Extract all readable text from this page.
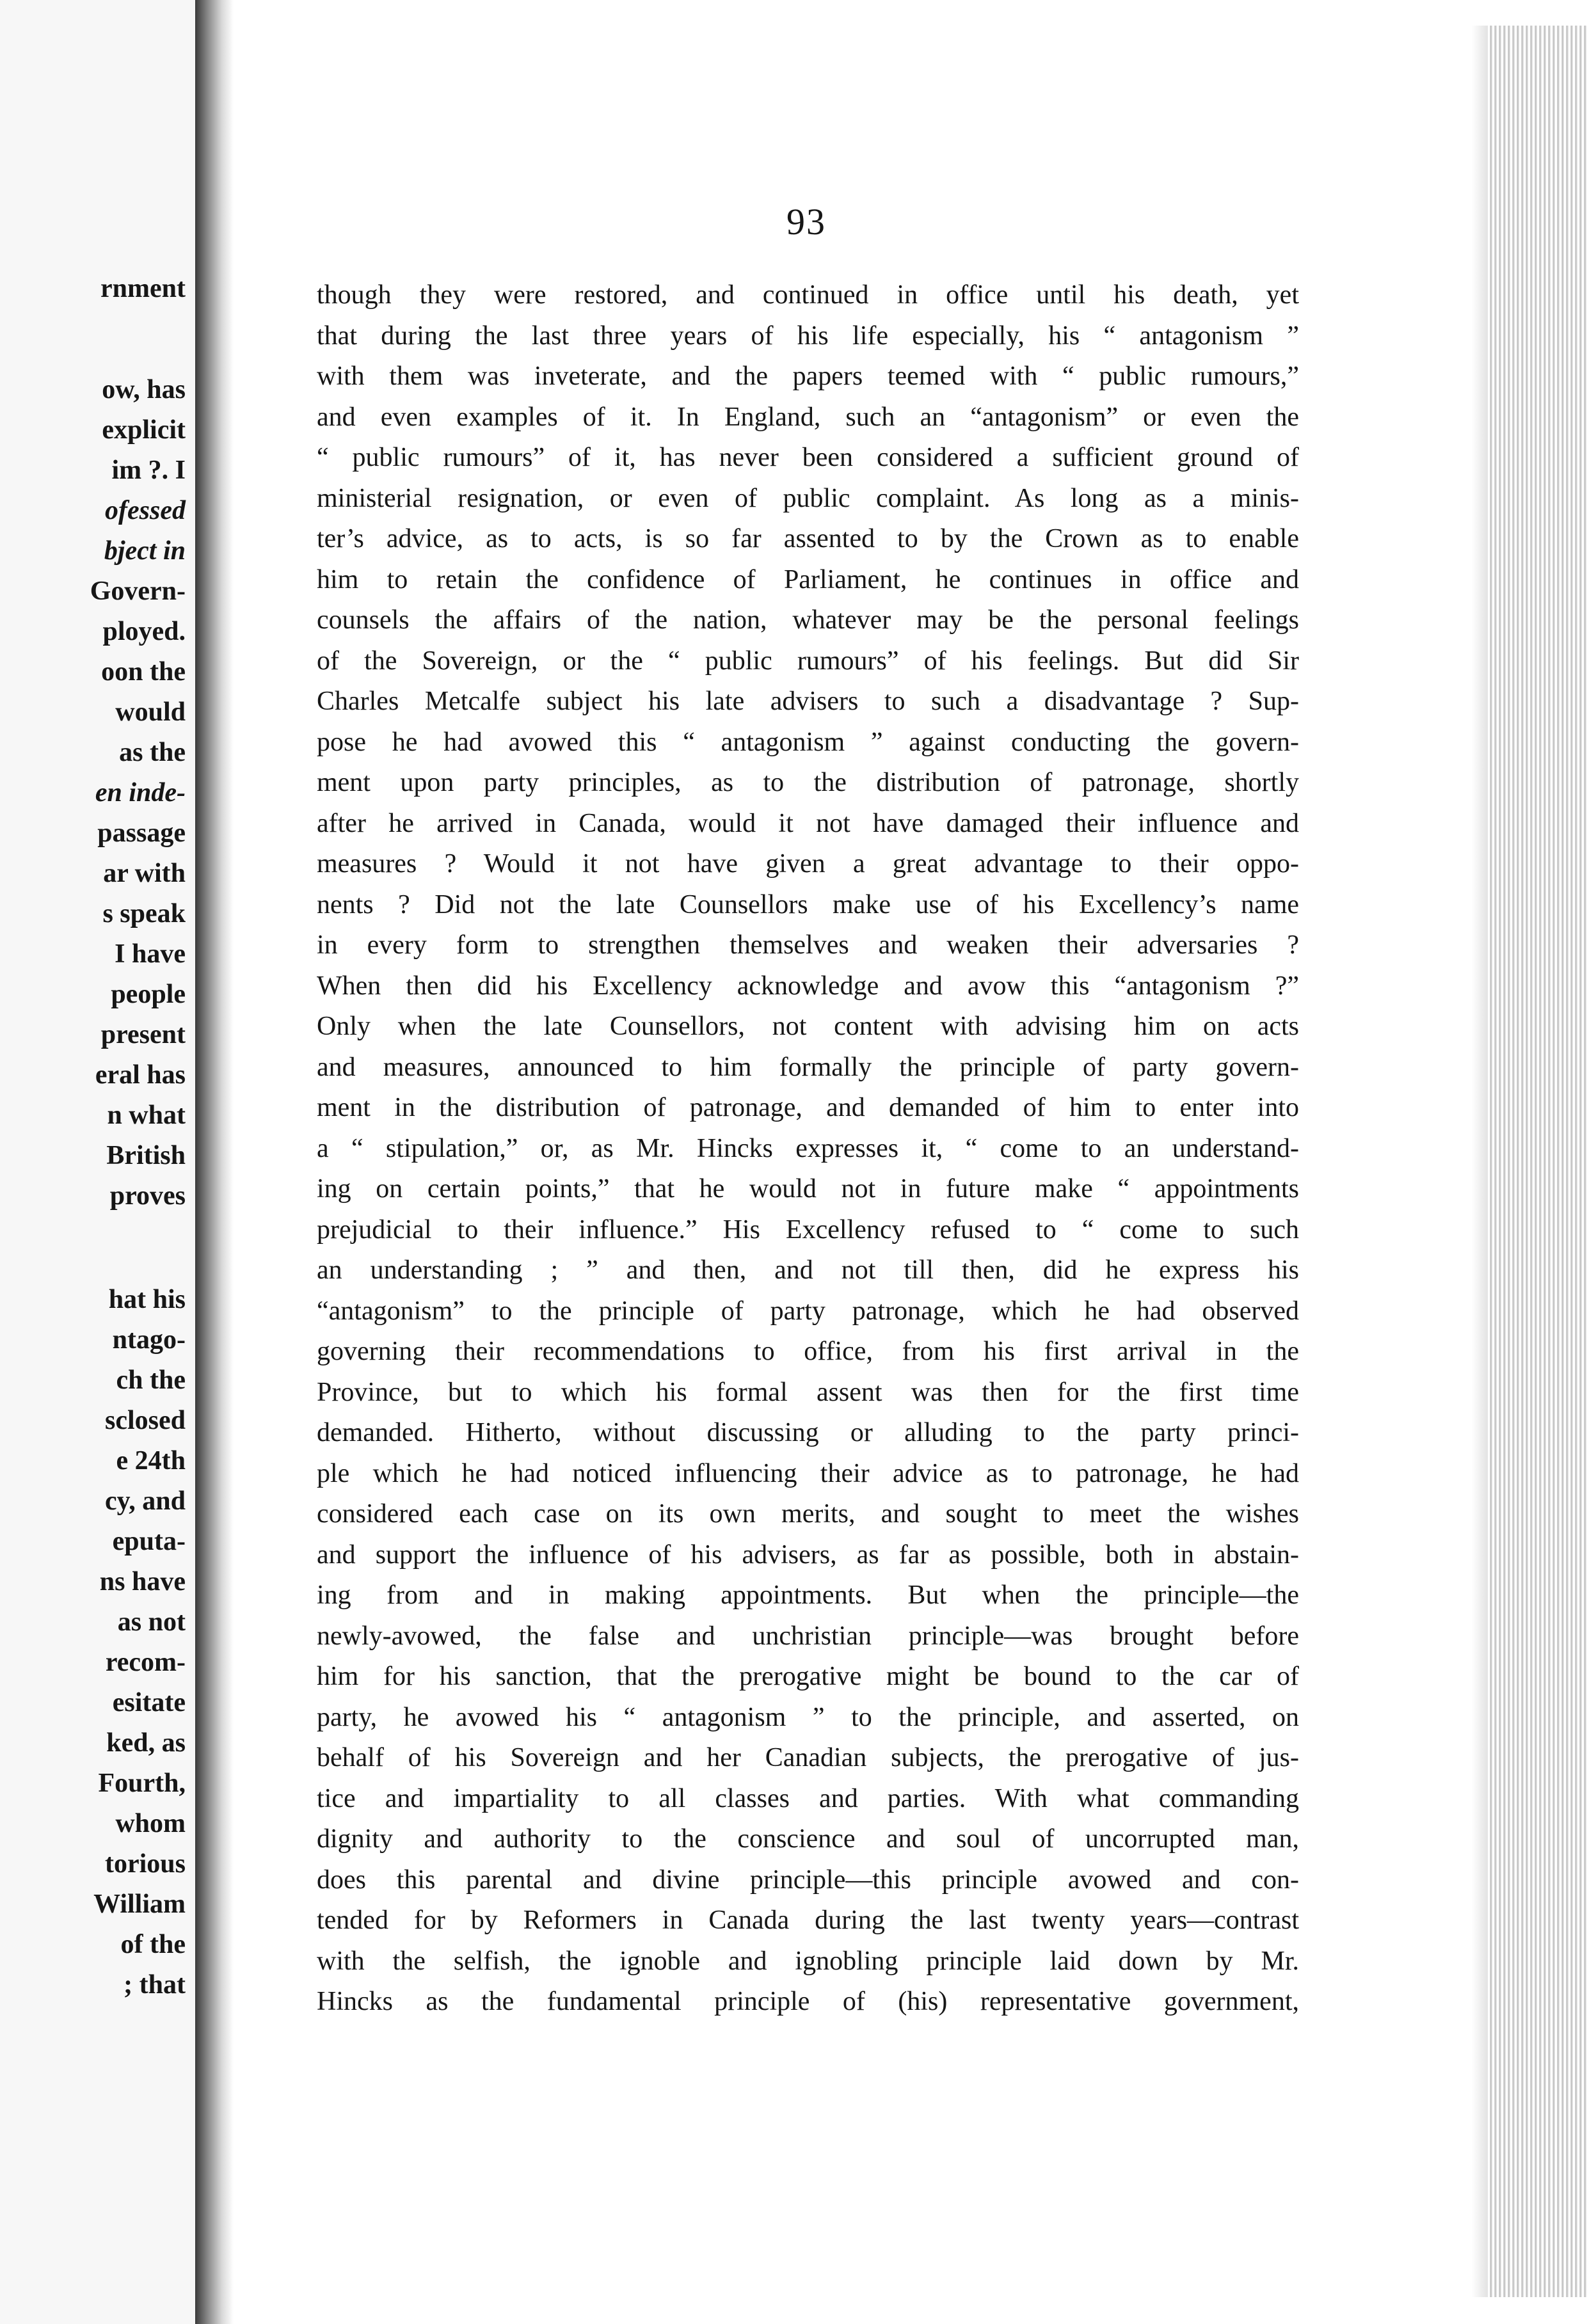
rnment
ow, has
explicit
im ?. I
ofessed
bject in
Govern-
ployed.
oon the
would
as the
en inde-
passage
ar with
s speak
I have
people
present
eral has
n what
British
proves
hat his
ntago-
ch the
sclosed
e 24th
cy, and
eputa-
ns have
as not
recom-
esitate
ked, as
Fourth,
whom
torious
William
of the
; that
93
though they were restored, and continued in office until his death, yet
that during the last three years of his life especially, his “ antagonism ”
with them was inveterate, and the papers teemed with “ public rumours,”
and even examples of it. In England, such an “antagonism” or even the
“ public rumours” of it, has never been considered a sufficient ground of
ministerial resignation, or even of public complaint. As long as a minis-
ter’s advice, as to acts, is so far assented to by the Crown as to enable
him to retain the confidence of Parliament, he continues in office and
counsels the affairs of the nation, whatever may be the personal feelings
of the Sovereign, or the “ public rumours” of his feelings. But did Sir
Charles Metcalfe subject his late advisers to such a disadvantage ? Sup-
pose he had avowed this “ antagonism ” against conducting the govern-
ment upon party principles, as to the distribution of patronage, shortly
after he arrived in Canada, would it not have damaged their influence and
measures ? Would it not have given a great advantage to their oppo-
nents ? Did not the late Counsellors make use of his Excellency’s name
in every form to strengthen themselves and weaken their adversaries ?
When then did his Excellency acknowledge and avow this “antagonism ?”
Only when the late Counsellors, not content with advising him on acts
and measures, announced to him formally the principle of party govern-
ment in the distribution of patronage, and demanded of him to enter into
a “ stipulation,” or, as Mr. Hincks expresses it, “ come to an understand-
ing on certain points,” that he would not in future make “ appointments
prejudicial to their influence.” His Excellency refused to “ come to such
an understanding ; ” and then, and not till then, did he express his
“antagonism” to the principle of party patronage, which he had observed
governing their recommendations to office, from his first arrival in the
Province, but to which his formal assent was then for the first time
demanded. Hitherto, without discussing or alluding to the party princi-
ple which he had noticed influencing their advice as to patronage, he had
considered each case on its own merits, and sought to meet the wishes
and support the influence of his advisers, as far as possible, both in abstain-
ing from and in making appointments. But when the principle—the
newly-avowed, the false and unchristian principle—was brought before
him for his sanction, that the prerogative might be bound to the car of
party, he avowed his “ antagonism ” to the principle, and asserted, on
behalf of his Sovereign and her Canadian subjects, the prerogative of jus-
tice and impartiality to all classes and parties. With what commanding
dignity and authority to the conscience and soul of uncorrupted man,
does this parental and divine principle—this principle avowed and con-
tended for by Reformers in Canada during the last twenty years—contrast
with the selfish, the ignoble and ignobling principle laid down by Mr.
Hincks as the fundamental principle of (his) representative government,
